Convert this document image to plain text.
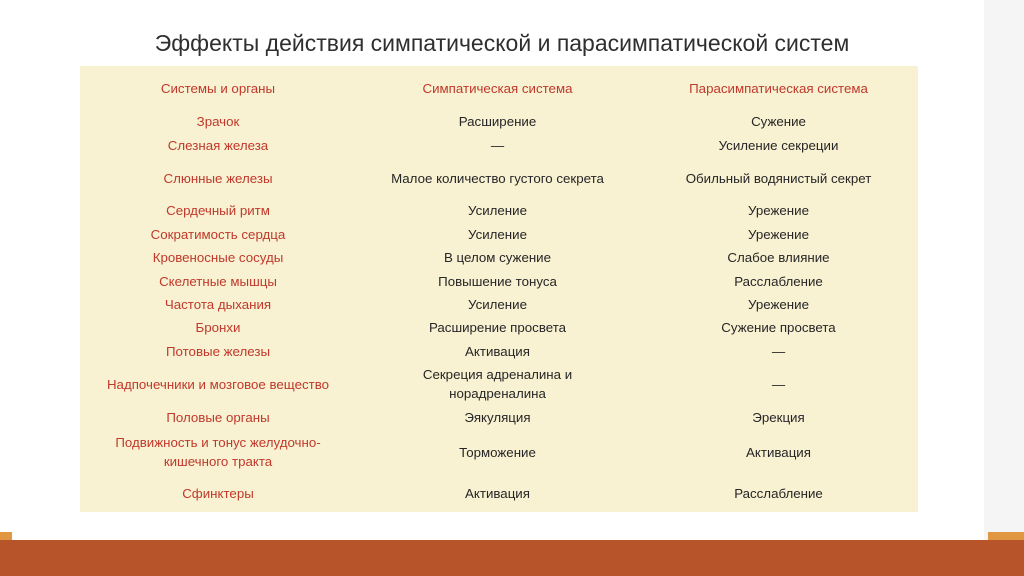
Эффекты действия симпатической и парасимпатической систем
Системы и органы	Симпатическая система	Парасимпатическая система
Зрачок	Расширение	Сужение
Слезная железа	—	Усиление секреции
Слюнные железы	Малое количество густого секрета	Обильный водянистый секрет
Сердечный ритм	Усиление	Урежение
Сократимость сердца	Усиление	Урежение
Кровеносные сосуды	В целом сужение	Слабое влияние
Скелетные мышцы	Повышение тонуса	Расслабление
Частота дыхания	Усиление	Урежение
Бронхи	Расширение просвета	Сужение просвета
Потовые железы	Активация	—
Надпочечники и мозговое вещество	Секреция адреналина и норадреналина	—
Половые органы	Эякуляция	Эрекция
Подвижность и тонус желудочно-кишечного тракта	Торможение	Активация
Сфинктеры	Активация	Расслабление
